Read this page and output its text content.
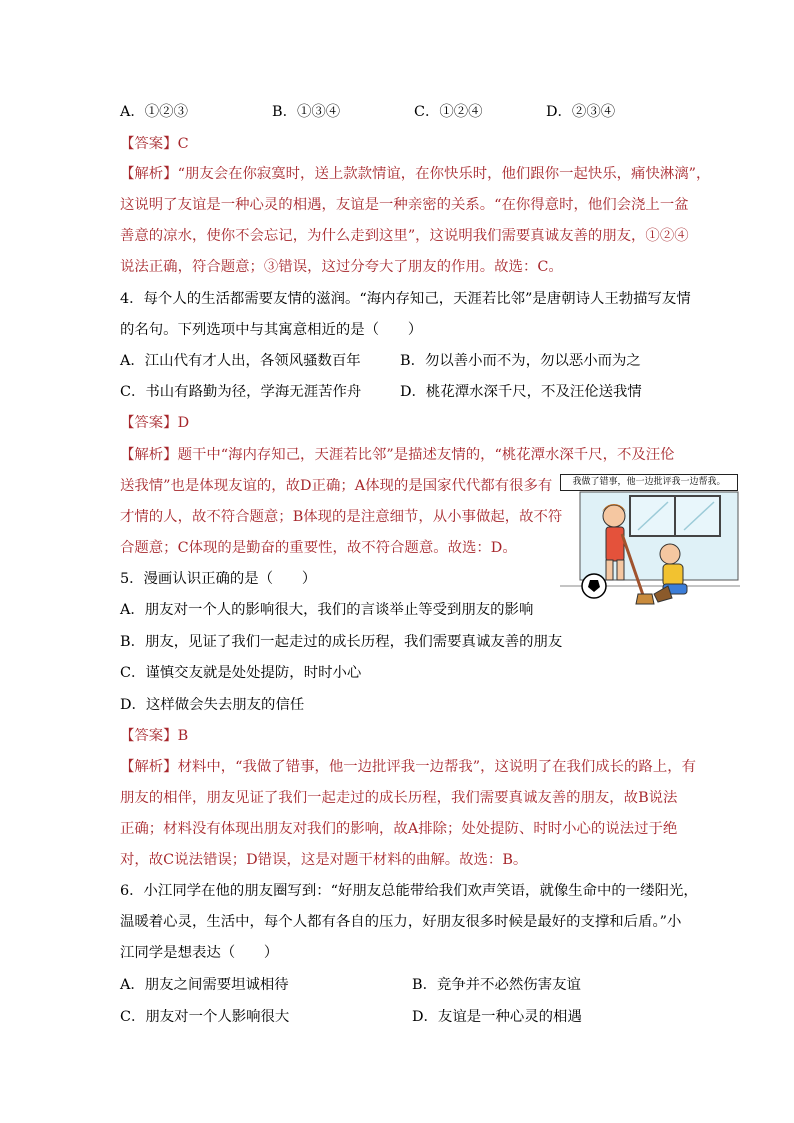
A．①②③	B．①③④	C．①②④	D．②③④
【答案】C
【解析】“朋友会在你寂寞时，送上款款情谊，在你快乐时，他们跟你一起快乐，痛快淋漓”，
这说明了友谊是一种心灵的相遇，友谊是一种亲密的关系。“在你得意时，他们会浇上一盆
善意的凉水，使你不会忘记，为什么走到这里”，这说明我们需要真诚友善的朋友，①②④
说法正确，符合题意；③错误，这过分夸大了朋友的作用。故选：C。
4．每个人的生活都需要友情的滋润。“海内存知己，天涯若比邻”是唐朝诗人王勃描写友情
的名句。下列选项中与其寓意相近的是（　　）
A．江山代有才人出，各领风骚数百年	B．勿以善小而不为，勿以恶小而为之
C．书山有路勤为径，学海无涯苦作舟	D．桃花潭水深千尺，不及汪伦送我情
【答案】D
【解析】题干中“海内存知己，天涯若比邻”是描述友情的，“桃花潭水深千尺，不及汪伦
送我情”也是体现友谊的，故D正确；A体现的是国家代代都有很多有
才情的人，故不符合题意；B体现的是注意细节，从小事做起，故不符
合题意；C体现的是勤奋的重要性，故不符合题意。故选：D。
我做了错事，他一边批评我一边帮我。
5．漫画认识正确的是（　　）
A．朋友对一个人的影响很大，我们的言谈举止等受到朋友的影响
B．朋友，见证了我们一起走过的成长历程，我们需要真诚友善的朋友
C．谨慎交友就是处处提防，时时小心
D．这样做会失去朋友的信任
【答案】B
【解析】材料中，“我做了错事，他一边批评我一边帮我”，这说明了在我们成长的路上，有
朋友的相伴，朋友见证了我们一起走过的成长历程，我们需要真诚友善的朋友，故B说法
正确；材料没有体现出朋友对我们的影响，故A排除；处处提防、时时小心的说法过于绝
对，故C说法错误；D错误，这是对题干材料的曲解。故选：B。
6．小江同学在他的朋友圈写到：“好朋友总能带给我们欢声笑语，就像生命中的一缕阳光，
温暖着心灵，生活中，每个人都有各自的压力，好朋友很多时候是最好的支撑和后盾。”小
江同学是想表达（　　）
A．朋友之间需要坦诚相待	B．竞争并不必然伤害友谊
C．朋友对一个人影响很大	D．友谊是一种心灵的相遇
